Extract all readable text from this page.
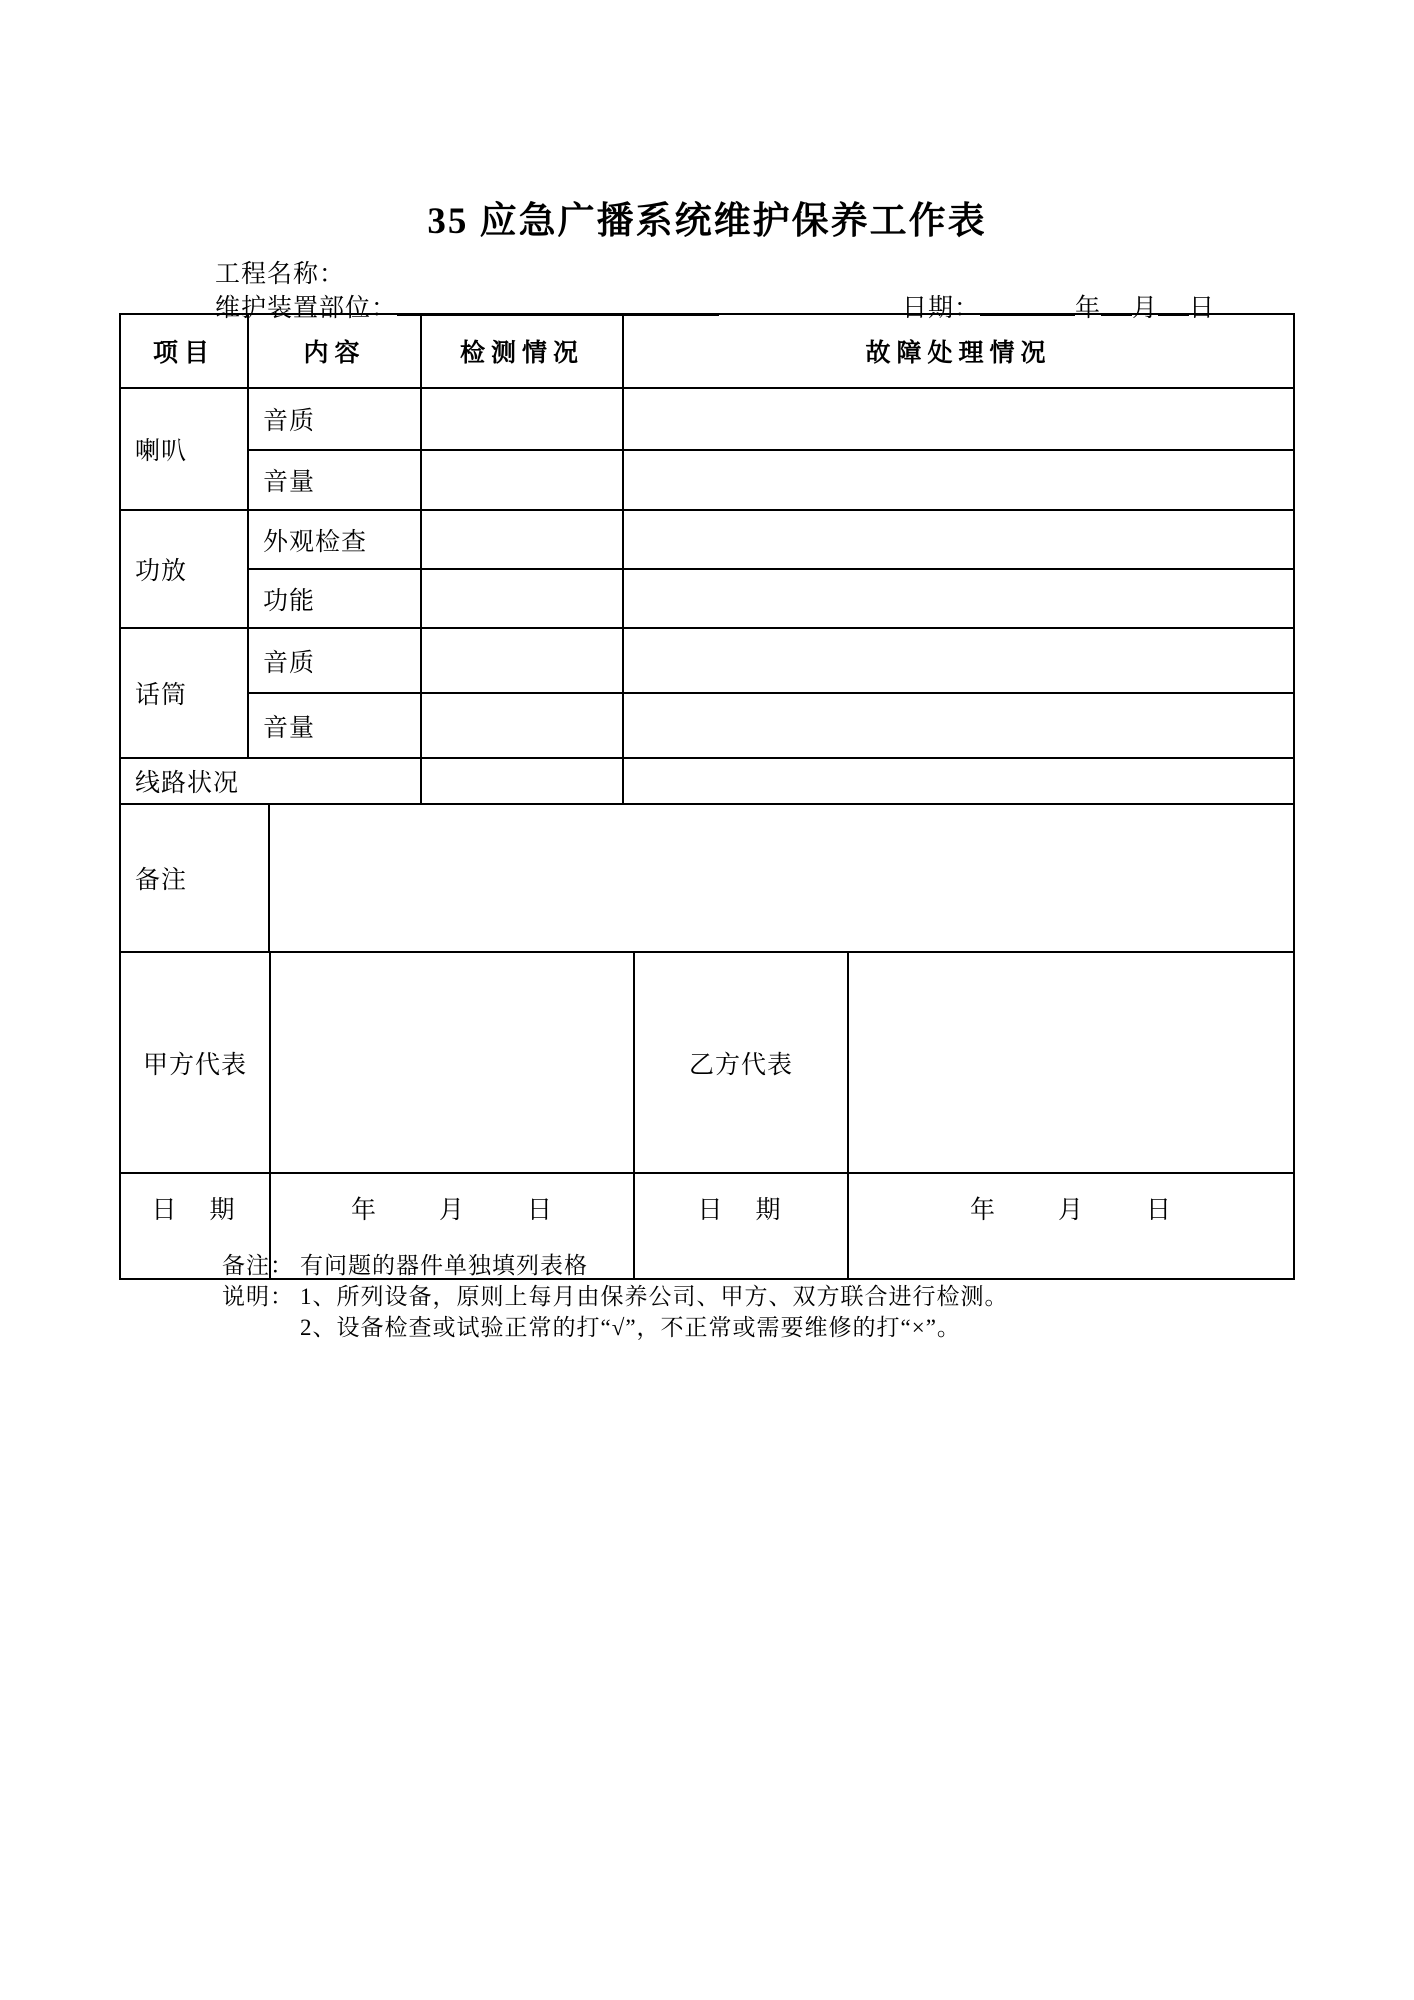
35 应急广播系统维护保养工作表
工程名称：
维护装置部位：	日期：	年 月 日
项目	内容	检测情况	故障处理情况
喇叭	音质		
	音量		
功放	外观检查		
	功能		
话筒	音质		
	音量		
线路状况			
备注	
甲方代表		乙方代表	
日　期	年 月 日	日　期	年 月 日
备注： 有问题的器件单独填列表格
说明： 1、所列设备，原则上每月由保养公司、甲方、双方联合进行检测。
2、设备检查或试验正常的打“√”，不正常或需要维修的打“×”。
